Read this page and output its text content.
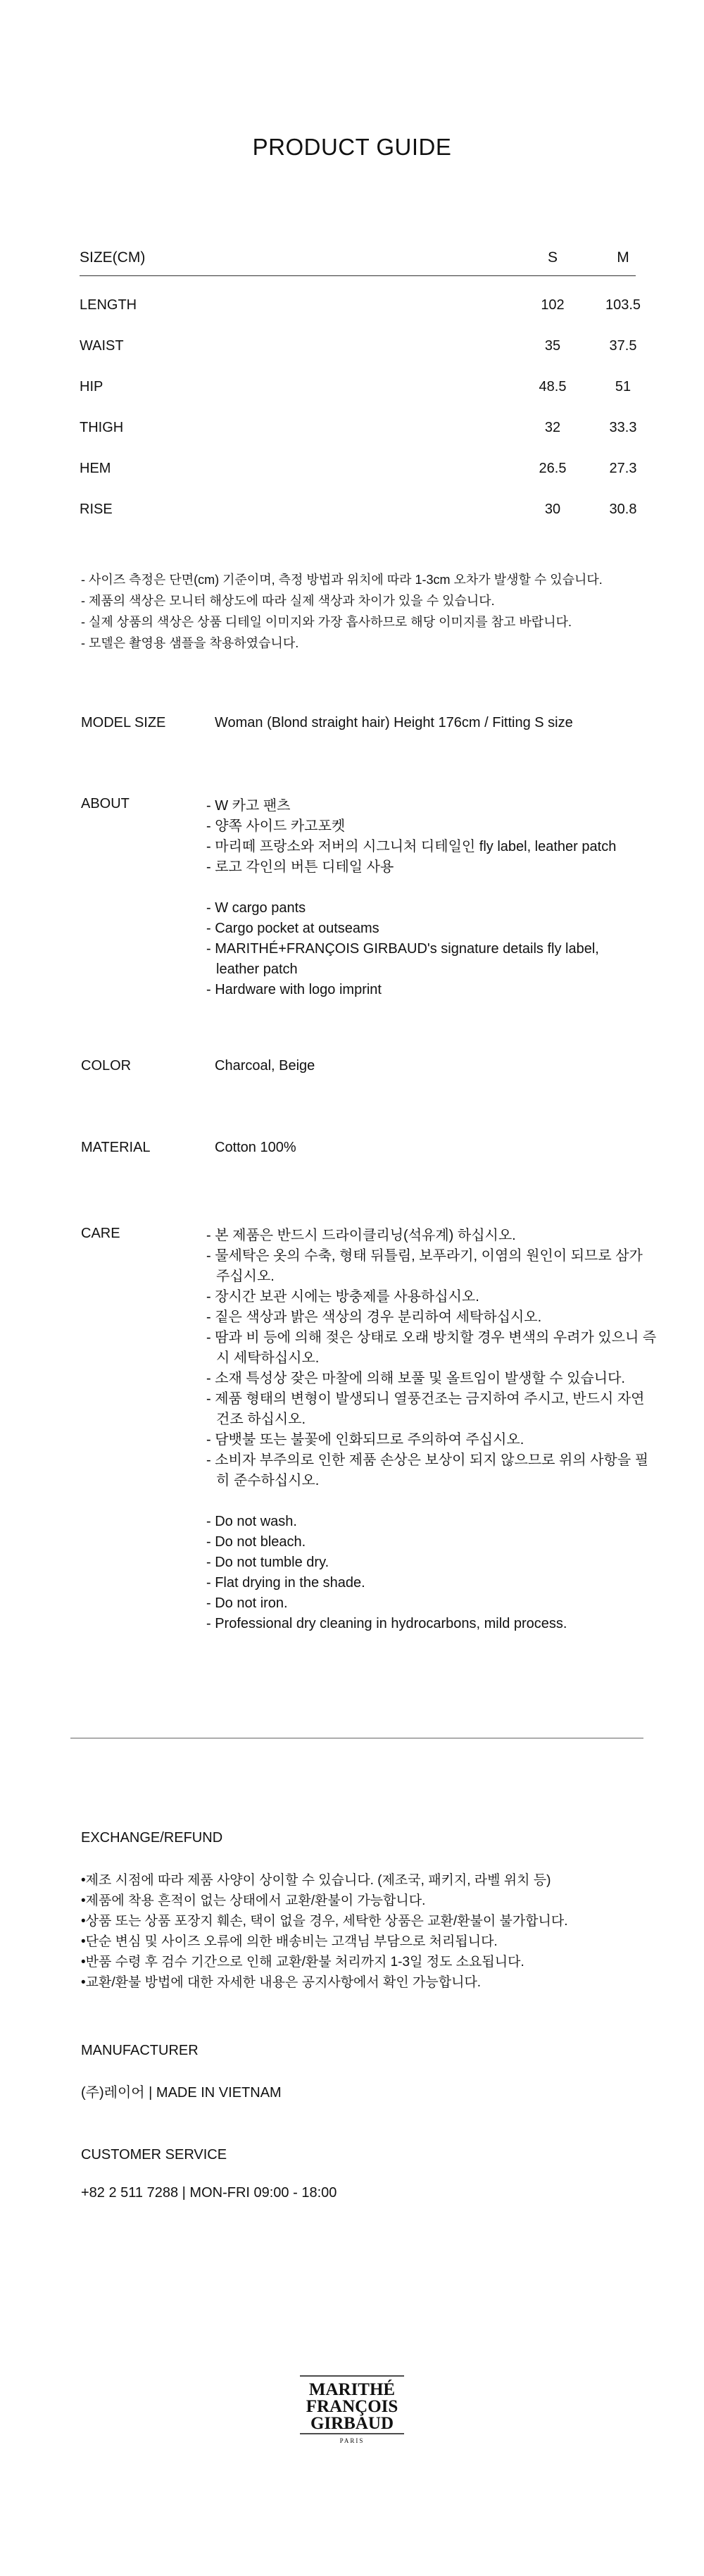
PRODUCT GUIDE
SIZE(CM)	S	M
LENGTH	102	103.5
WAIST	35	37.5
HIP	48.5	51
THIGH	32	33.3
HEM	26.5	27.3
RISE	30	30.8
- 사이즈 측정은 단면(cm) 기준이며, 측정 방법과 위치에 따라 1-3cm 오차가 발생할 수 있습니다.
- 제품의 색상은 모니터 해상도에 따라 실제 색상과 차이가 있을 수 있습니다.
- 실제 상품의 색상은 상품 디테일 이미지와 가장 흡사하므로 해당 이미지를 참고 바랍니다.
- 모델은 촬영용 샘플을 착용하였습니다.
MODEL SIZE	Woman (Blond straight hair) Height 176cm / Fitting S size
ABOUT	- W 카고 팬츠
- 양쪽 사이드 카고포켓
- 마리떼 프랑소와 저버의 시그니처 디테일인 fly label, leather patch
- 로고 각인의 버튼 디테일 사용
- W cargo pants
- Cargo pocket at outseams
- MARITHÉ+FRANÇOIS GIRBAUD's signature details fly label, leather patch
- Hardware with logo imprint
COLOR	Charcoal, Beige
MATERIAL	Cotton 100%
CARE	- 본 제품은 반드시 드라이클리닝(석유계) 하십시오.
- 물세탁은 옷의 수축, 형태 뒤틀림, 보푸라기, 이염의 원인이 되므로 삼가 주십시오.
- 장시간 보관 시에는 방충제를 사용하십시오.
- 짙은 색상과 밝은 색상의 경우 분리하여 세탁하십시오.
- 땀과 비 등에 의해 젖은 상태로 오래 방치할 경우 변색의 우려가 있으니 즉시 세탁하십시오.
- 소재 특성상 잦은 마찰에 의해 보풀 및 올트임이 발생할 수 있습니다.
- 제품 형태의 변형이 발생되니 열풍건조는 금지하여 주시고, 반드시 자연건조 하십시오.
- 담뱃불 또는 불꽃에 인화되므로 주의하여 주십시오.
- 소비자 부주의로 인한 제품 손상은 보상이 되지 않으므로 위의 사항을 필히 준수하십시오.
- Do not wash.
- Do not bleach.
- Do not tumble dry.
- Flat drying in the shade.
- Do not iron.
- Professional dry cleaning in hydrocarbons, mild process.
EXCHANGE/REFUND
•제조 시점에 따라 제품 사양이 상이할 수 있습니다. (제조국, 패키지, 라벨 위치 등)
•제품에 착용 흔적이 없는 상태에서 교환/환불이 가능합니다.
•상품 또는 상품 포장지 훼손, 택이 없을 경우, 세탁한 상품은 교환/환불이 불가합니다.
•단순 변심 및 사이즈 오류에 의한 배송비는 고객님 부담으로 처리됩니다.
•반품 수령 후 검수 기간으로 인해 교환/환불 처리까지 1-3일 정도 소요됩니다.
•교환/환불 방법에 대한 자세한 내용은 공지사항에서 확인 가능합니다.
MANUFACTURER
(주)레이어 | MADE IN VIETNAM
CUSTOMER SERVICE
+82 2 511 7288 | MON-FRI 09:00 - 18:00
MARITHÉ
FRANÇOIS
GIRBAUD
PARIS
